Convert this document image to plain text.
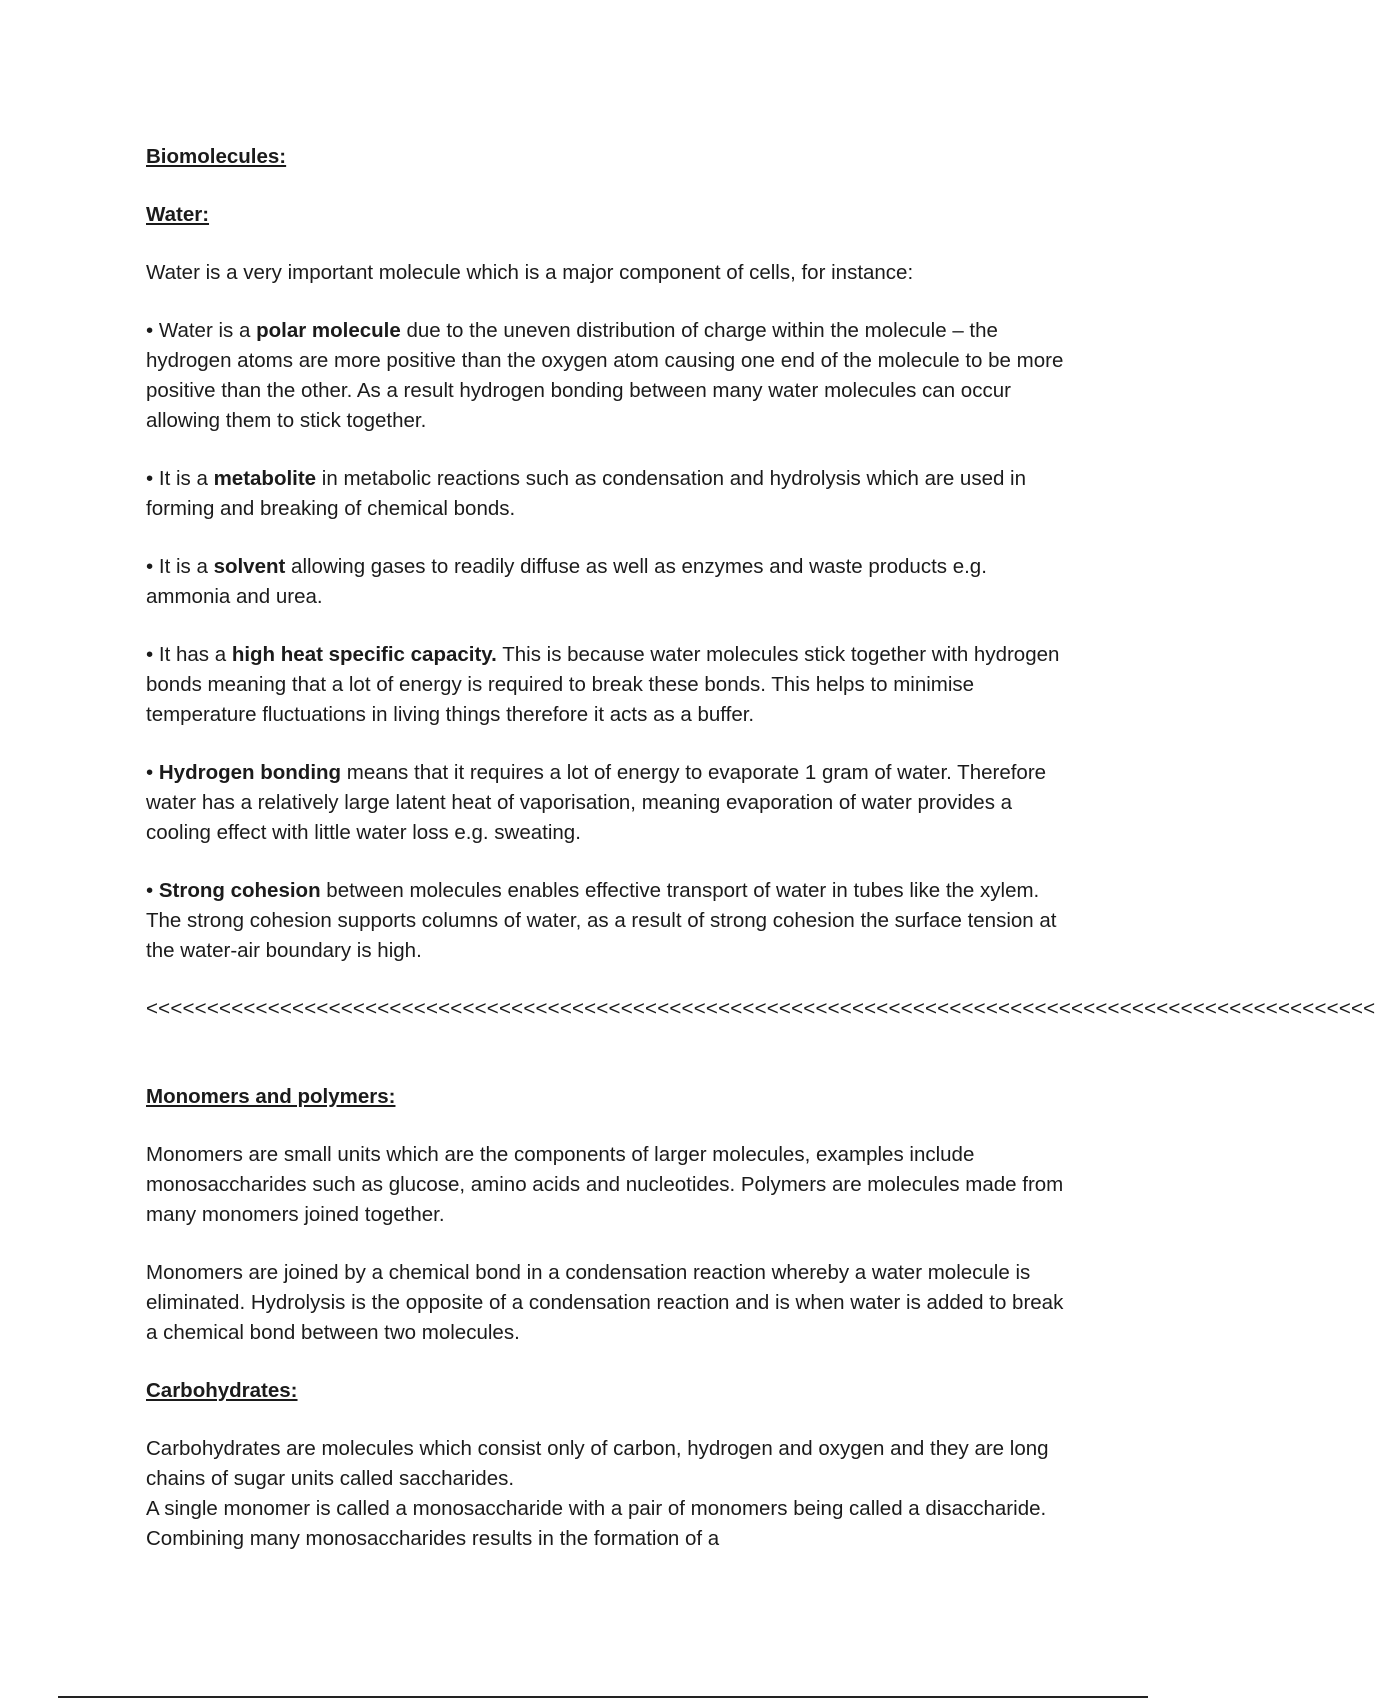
Biomolecules:
Water:
Water is a very important molecule which is a major component of cells, for instance:
• Water is a polar molecule due to the uneven distribution of charge within the molecule – the hydrogen atoms are more positive than the oxygen atom causing one end of the molecule to be more positive than the other. As a result hydrogen bonding between many water molecules can occur allowing them to stick together.
• It is a metabolite in metabolic reactions such as condensation and hydrolysis which are used in forming and breaking of chemical bonds.
• It is a solvent allowing gases to readily diffuse as well as enzymes and waste products e.g. ammonia and urea.
• It has a high heat specific capacity. This is because water molecules stick together with hydrogen bonds meaning that a lot of energy is required to break these bonds. This helps to minimise temperature fluctuations in living things therefore it acts as a buffer.
• Hydrogen bonding means that it requires a lot of energy to evaporate 1 gram of water. Therefore water has a relatively large latent heat of vaporisation, meaning evaporation of water provides a cooling effect with little water loss e.g. sweating.
• Strong cohesion between molecules enables effective transport of water in tubes like the xylem. The strong cohesion supports columns of water, as a result of strong cohesion the surface tension at the water-air boundary is high.
<<<<<<<<<<<<<<<<<<<<<<<<<<<<<<<<<<<<<<<<<<<<<<<<<<<<<<<<<<<<<<<<<<<<<<<<<<<<<<<<<<<<<<<<<<<<<<<<<<<<<
Monomers and polymers:
Monomers are small units which are the components of larger molecules, examples include monosaccharides such as glucose, amino acids and nucleotides. Polymers are molecules made from many monomers joined together.
Monomers are joined by a chemical bond in a condensation reaction whereby a water molecule is eliminated. Hydrolysis is the opposite of a condensation reaction and is when water is added to break a chemical bond between two molecules.
Carbohydrates:
Carbohydrates are molecules which consist only of carbon, hydrogen and oxygen and they are long chains of sugar units called saccharides.
A single monomer is called a monosaccharide with a pair of monomers being called a disaccharide. Combining many monosaccharides results in the formation of a
